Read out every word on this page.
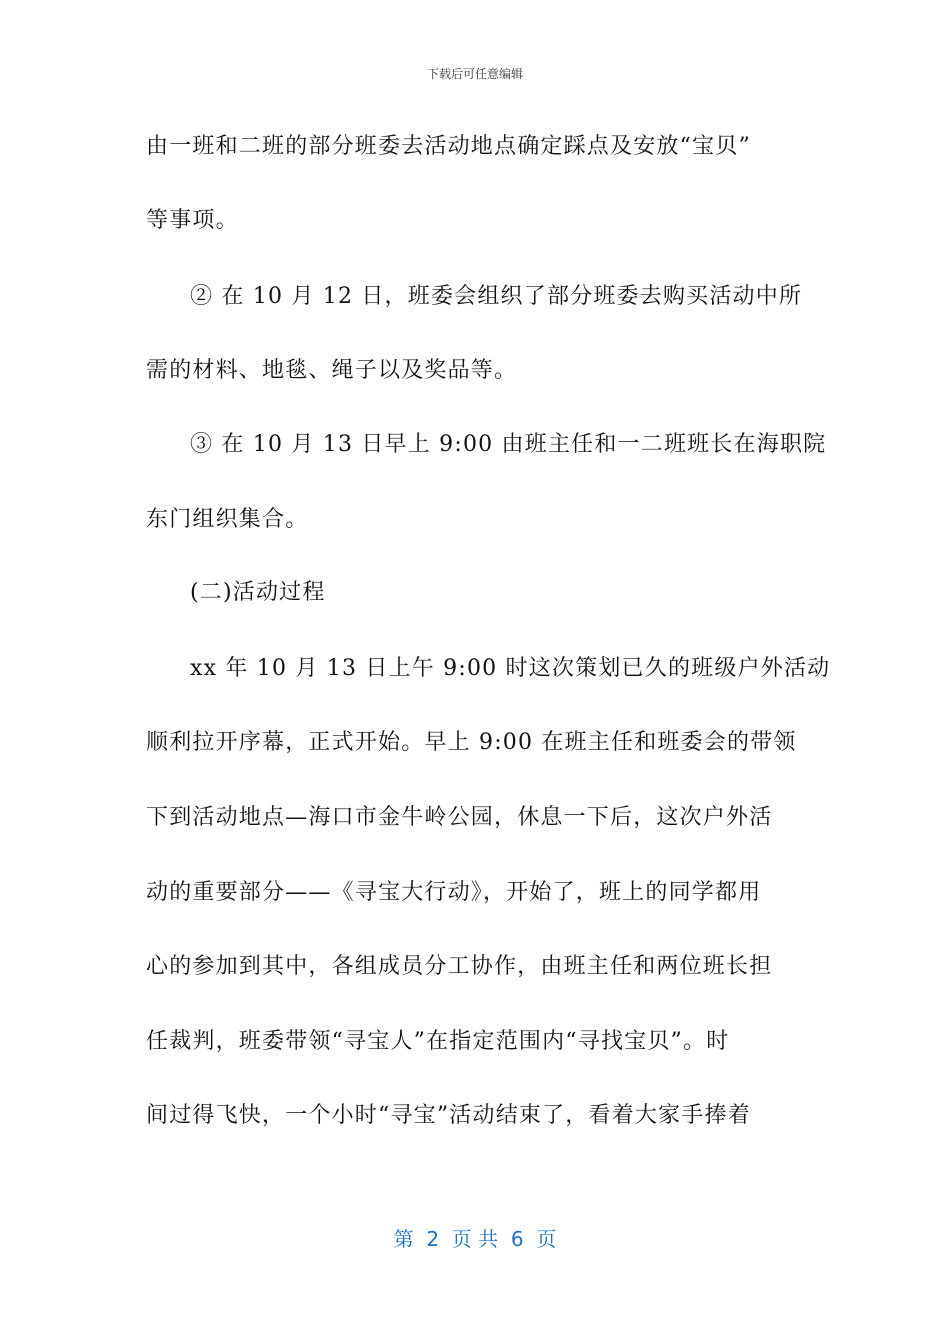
下载后可任意编辑
由一班和二班的部分班委去活动地点确定踩点及安放“宝贝”
等事项。
② 在 10 月 12 日，班委会组织了部分班委去购买活动中所
需的材料、地毯、绳子以及奖品等。
③ 在 10 月 13 日早上 9:00 由班主任和一二班班长在海职院
东门组织集合。
(二)活动过程
xx 年 10 月 13 日上午 9:00 时这次策划已久的班级户外活动
顺利拉开序幕，正式开始。早上 9:00 在班主任和班委会的带领
下到活动地点—海口市金牛岭公园，休息一下后，这次户外活
动的重要部分——《寻宝大行动》，开始了，班上的同学都用
心的参加到其中，各组成员分工协作，由班主任和两位班长担
任裁判，班委带领“寻宝人”在指定范围内“寻找宝贝”。时
间过得飞快，一个小时“寻宝”活动结束了，看着大家手捧着
第  2  页 共  6  页
